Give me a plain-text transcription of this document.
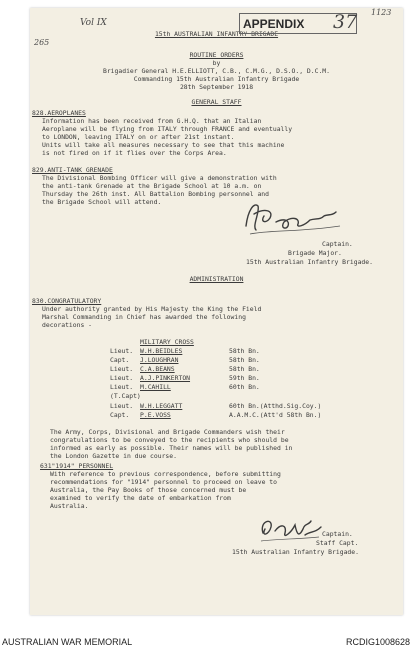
Vol IX
265
1123
15th AUSTRALIAN INFANTRY BRIGADE
ROUTINE ORDERS
by
Brigadier General H.E.ELLIOTT, C.B., C.M.G., D.S.O., D.C.M.
Commanding 15th Australian Infantry Brigade
28th September 1918
GENERAL STAFF
828.AEROPLANES
Information has been received from G.H.Q. that an Italian
Aeroplane will be flying from ITALY through FRANCE and eventually
to LONDON, leaving ITALY on or after 21st instant.
Units will take all measures necessary to see that this machine
is not fired on if it flies over the Corps Area.
829.ANTI-TANK GRENADE
The Divisional Bombing Officer will give a demonstration with
the anti-tank Grenade at the Brigade School at 10 a.m. on
Thursday the 26th inst. All Battalion Bombing personnel and
the Brigade School will attend.
Captain.
Brigade Major.
15th Australian Infantry Brigade.
ADMINISTRATION
830.CONGRATULATORY
Under authority granted by His Majesty the King the Field
Marshal Commanding in Chief has awarded the following
decorations -
MILITARY CROSS
Lieut. W.H.BEIDLES	58th Bn.
Capt. J.LOUGHRAN	58th Bn.
Lieut. C.A.BEANS	58th Bn.
Lieut. A.J.PINKERTON	59th Bn.
Lieut. M.CAHILL	60th Bn.
(T.Capt)
Lieut. W.H.LEGGATT	60th Bn.(Atthd.Sig.Coy.)
Capt. P.E.VOSS	A.A.M.C.(Att'd 58th Bn.)
The Army, Corps, Divisional and Brigade Commanders wish their
congratulations to be conveyed to the recipients who should be
informed as early as possible. Their names will be published in
the London Gazette in due course.
631"1914" PERSONNEL
With reference to previous correspondence, before submitting
recommendations for "1914" personnel to proceed on leave to
Australia, the Pay Books of those concerned must be
examined to verify the date of embarkation from
Australia.
Captain.
Staff Capt.
15th Australian Infantry Brigade.
APPENDIX	37
AUSTRALIAN WAR MEMORIAL	RCDIG1008628
